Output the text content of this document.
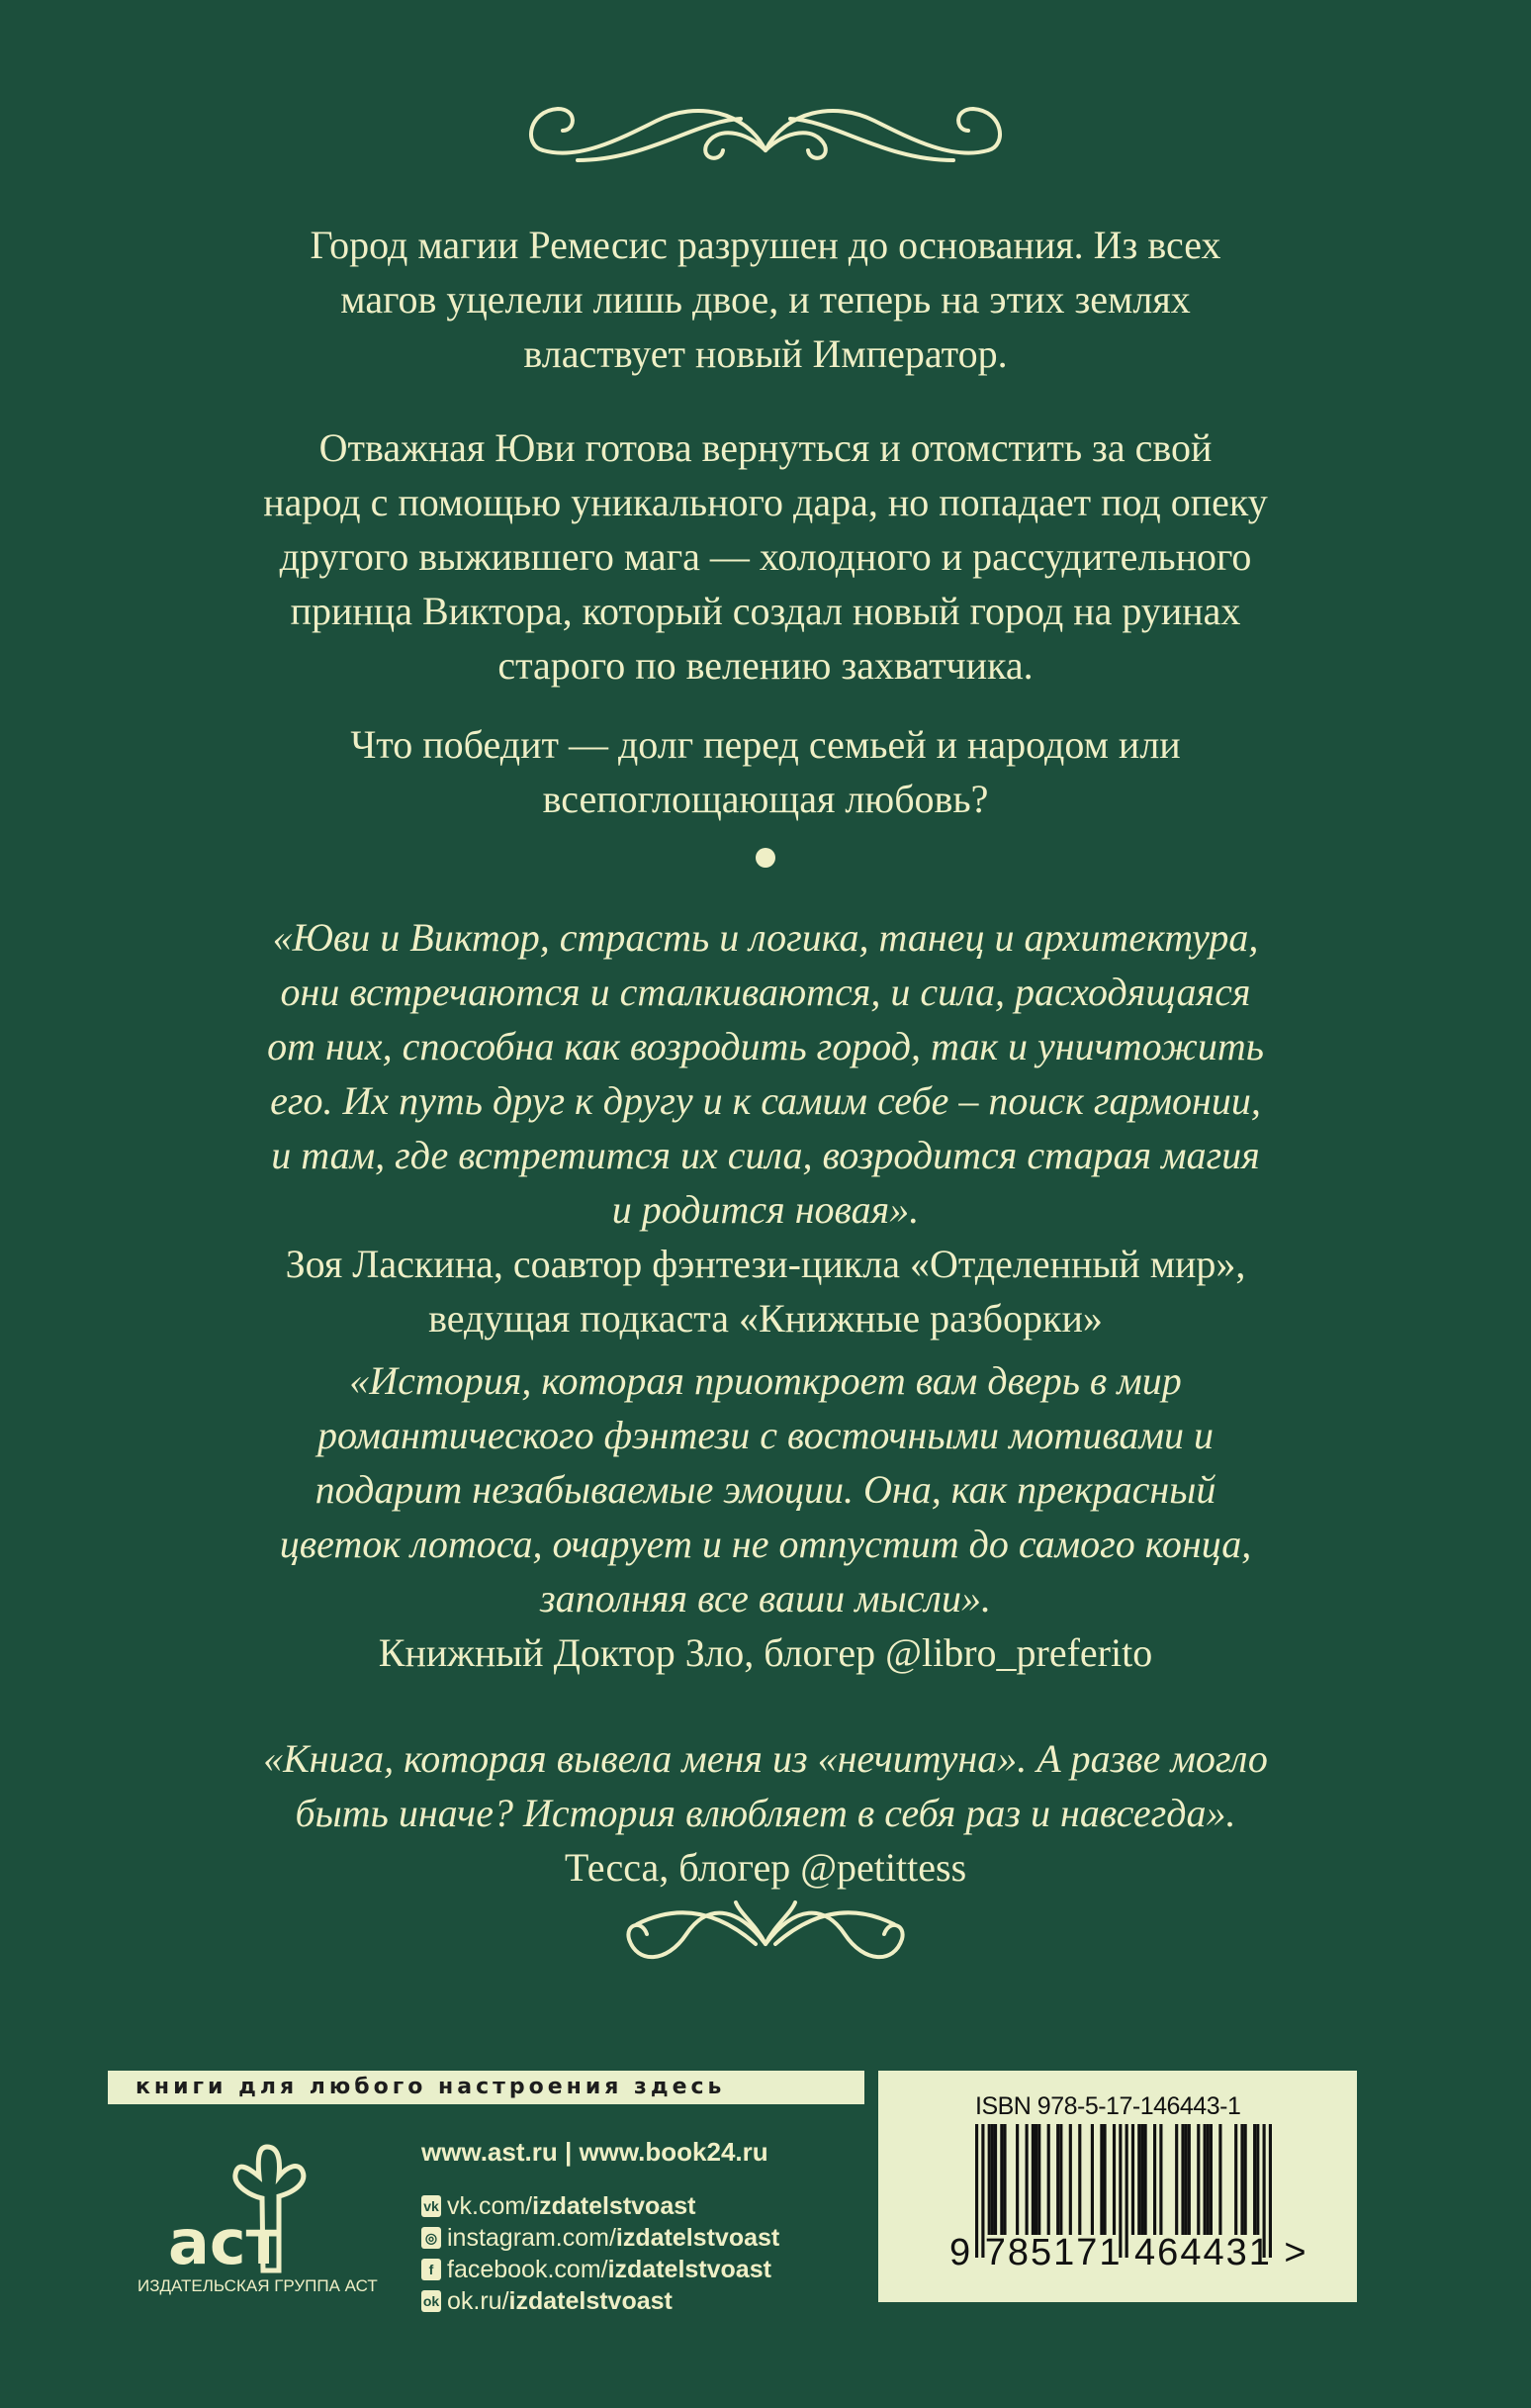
Город магии Ремесис разрушен до основания. Из всех
магов уцелели лишь двое, и теперь на этих землях
властвует новый Император.
Отважная Юви готова вернуться и отомстить за свой
народ с помощью уникального дара, но попадает под опеку
другого выжившего мага — холодного и рассудительного
принца Виктора, который создал новый город на руинах
старого по велению захватчика.
Что победит — долг перед семьей и народом или
всепоглощающая любовь?
«Юви и Виктор, страсть и логика, танец и архитектура,
они встречаются и сталкиваются, и сила, расходящаяся
от них, способна как возродить город, так и уничтожить
его. Их путь друг к другу и к самим себе – поиск гармонии,
и там, где встретится их сила, возродится старая магия
и родится новая».
Зоя Ласкина, соавтор фэнтези-цикла «Отделенный мир»,
ведущая подкаста «Книжные разборки»
«История, которая приоткроет вам дверь в мир
романтического фэнтези с восточными мотивами и
подарит незабываемые эмоции. Она, как прекрасный
цветок лотоса, очарует и не отпустит до самого конца,
заполняя все ваши мысли».
Книжный Доктор Зло, блогер @libro_preferito
«Книга, которая вывела меня из «нечитуна». А разве могло
быть иначе? История влюбляет в себя раз и навсегда».
Тесса, блогер @petittess
книги для любого настроения здесь
аст
ИЗДАТЕЛЬСКАЯ ГРУППА АСТ
www.ast.ru | www.book24.ru
vk vk.com/ izdatelstvoast
◎ instagram.com/ izdatelstvoast
f facebook.com/ izdatelstvoast
ok ok.ru/ izdatelstvoast
ISBN 978-5-17-146443-1
9 785171 464431 >
